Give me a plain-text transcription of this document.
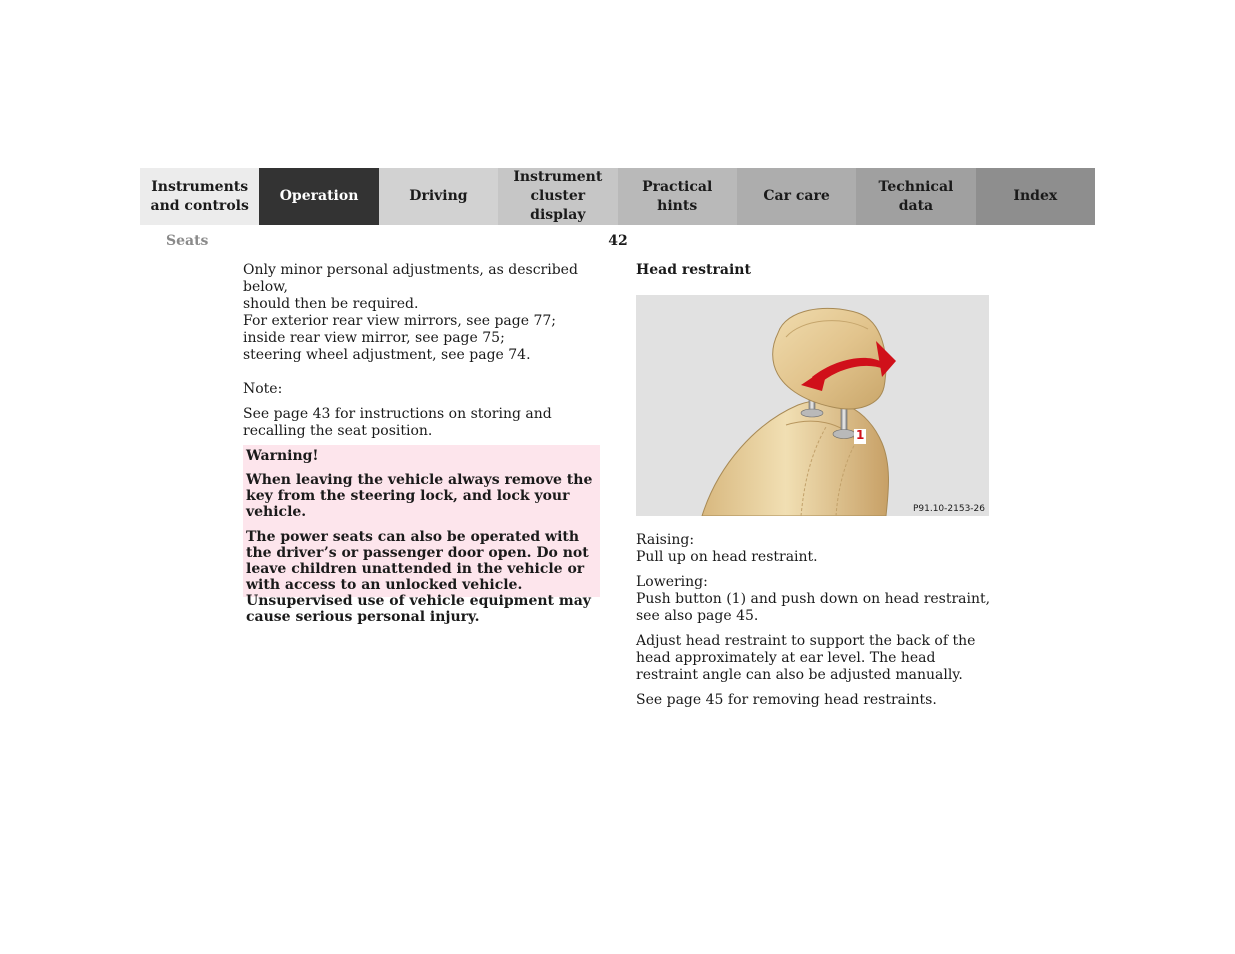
Instruments
and controls
Operation	Driving
Instrument
cluster display
Practical hints
Car care
Technical
data
Index
Seats	42

Only minor personal adjustments, as described below,

should then be required.

For exterior rear view mirrors, see page 77;

inside rear view mirror, see page 75;

steering wheel adjustment, see page 74.

Note:

See page 43 for instructions on storing and recalling the seat position.

Warning!

When leaving the vehicle always remove the key from the steering lock, and lock your vehicle.

The power seats can also be operated with the driver’s or passenger door open. Do not leave children unattended in the vehicle or with access to an unlocked vehicle. Unsupervised use of vehicle equipment may cause serious personal injury.

Head restraint

1
P91.10-2153-26

Raising:

Pull up on head restraint.

Lowering:

Push button (1) and push down on head restraint, see also page 45.

Adjust head restraint to support the back of the head approximately at ear level. The head restraint angle can also be adjusted manually.

See page 45 for removing head restraints.
